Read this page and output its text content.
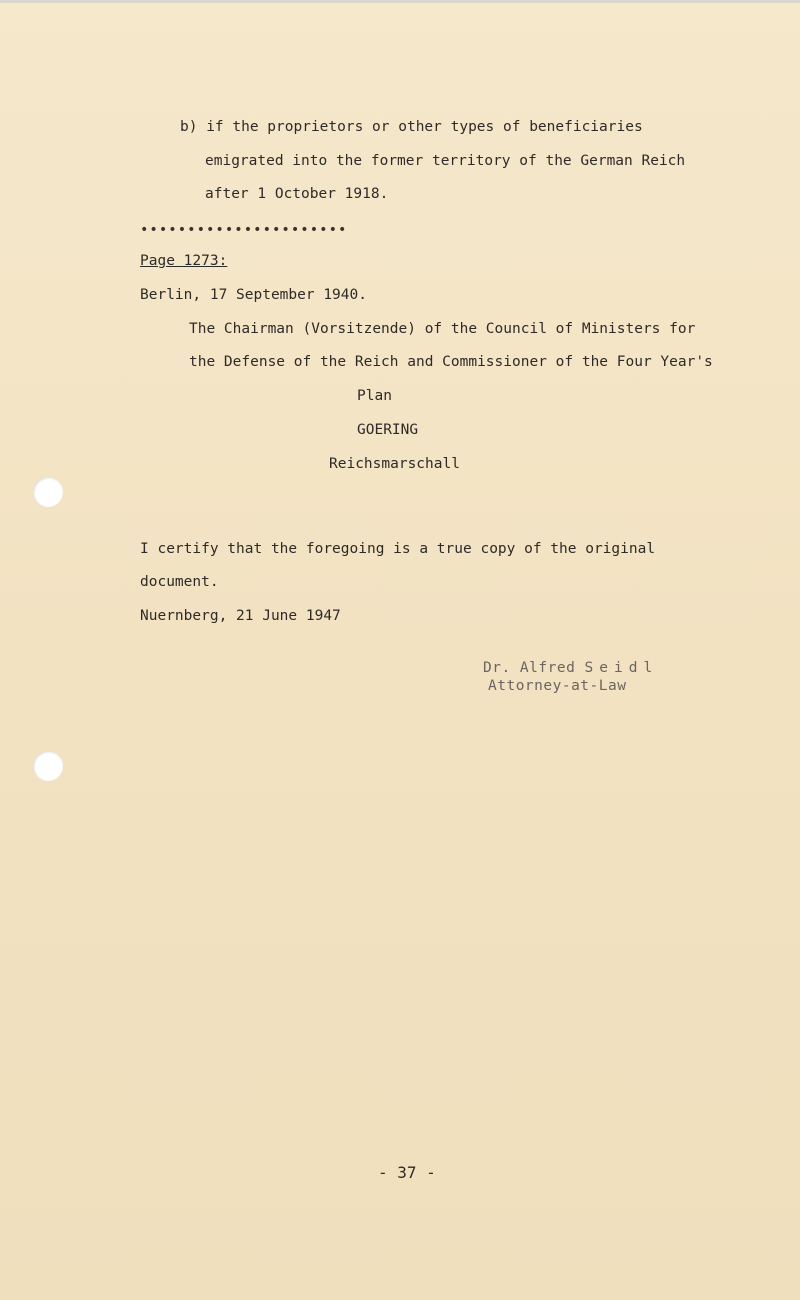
b) if the proprietors or other types of beneficiaries
emigrated into the former territory of the German Reich
after 1 October 1918.
••••••••••••••••••••••
Page 1273:
Berlin, 17 September 1940.
The Chairman (Vorsitzende) of the Council of Ministers for
the Defense of the Reich and Commissioner of the Four Year's
Plan
GOERING
Reichsmarschall
I certify that the foregoing is a true copy of the original
document.
Nuernberg, 21 June 1947
Dr. Alfred Seidl
Attorney-at-Law
- 37 -
